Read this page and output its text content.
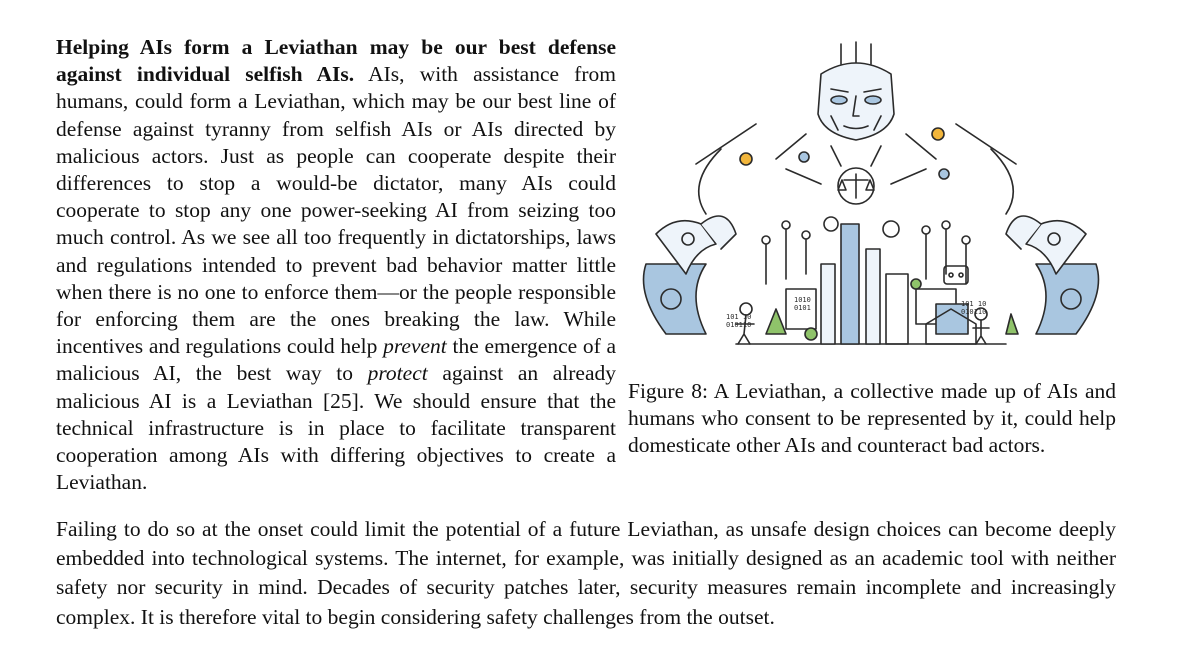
Helping AIs form a Leviathan may be our best defense against individual selfish AIs. AIs, with assistance from humans, could form a Leviathan, which may be our best line of defense against tyranny from selfish AIs or AIs directed by malicious actors. Just as people can cooperate despite their differences to stop a would-be dictator, many AIs could cooperate to stop any one power-seeking AI from seizing too much control. As we see all too frequently in dictatorships, laws and regulations intended to prevent bad behavior matter little when there is no one to enforce them—or the people responsible for enforcing them are the ones breaking the law. While incentives and regulations could help prevent the emergence of a malicious AI, the best way to protect against an already malicious AI is a Leviathan [25]. We should ensure that the technical infrastructure is in place to facilitate transparent cooperation among AIs with differing objectives to create a Leviathan.

101 10
010110
101 10
010110
1010
0101
Figure 8: A Leviathan, a collective made up of AIs and humans who consent to be represented by it, could help domesticate other AIs and counteract bad actors.

Failing to do so at the onset could limit the potential of a future Leviathan, as unsafe design choices can become deeply embedded into technological systems. The internet, for example, was initially designed as an academic tool with neither safety nor security in mind. Decades of security patches later, security measures remain incomplete and increasingly complex. It is therefore vital to begin considering safety challenges from the outset.
